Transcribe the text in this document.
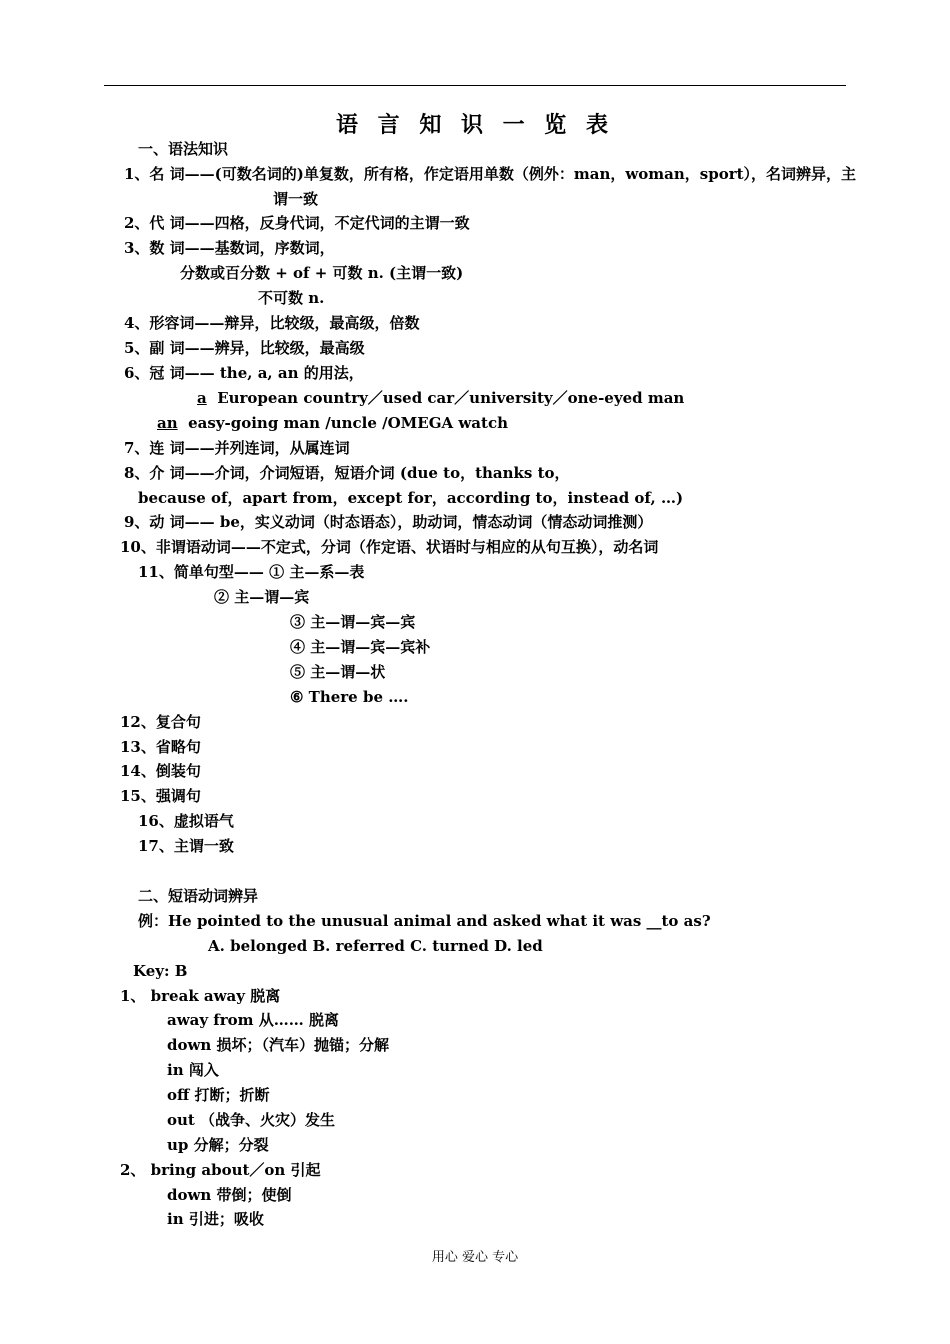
语 言 知 识 一 览 表
一、语法知识
1、名 词——(可数名词的)单复数，所有格，作定语用单数（例外：man，woman，sport），名词辨异，主
谓一致
2、代 词——四格，反身代词，不定代词的主谓一致
3、数 词——基数词，序数词，
分数或百分数 + of + 可数 n. (主谓一致)
不可数 n.
4、形容词——辩异，比较级，最高级，倍数
5、副 词——辨异，比较级，最高级
6、冠 词—— the, a, an 的用法，
a European country／used car／university／one-eyed man
an easy-going man /uncle /OMEGA watch
7、连 词——并列连词，从属连词
8、介 词——介词，介词短语，短语介词 (due to，thanks to，
because of，apart from，except for，according to，instead of, …)
9、动 词—— be，实义动词（时态语态），助动词，情态动词（情态动词推测）
10、非谓语动词——不定式，分词（作定语、状语时与相应的从句互换），动名词
11、简单句型—— ① 主—系—表
② 主—谓—宾
③ 主—谓—宾—宾
④ 主—谓—宾—宾补
⑤ 主—谓—状
⑥ There be ….
12、复合句
13、省略句
14、倒装句
15、强调句
16、虚拟语气
17、主谓一致
二、短语动词辨异
例：He pointed to the unusual animal and asked what it was __to as?
A. belonged B. referred C. turned D. led
Key: B
1、 break away 脱离
away from 从…… 脱离
down 损坏；（汽车）抛锚；分解
in 闯入
off 打断；折断
out （战争、火灾）发生
up 分解；分裂
2、 bring about／on 引起
down 带倒；使倒
in 引进；吸收
用心 爱心 专心
